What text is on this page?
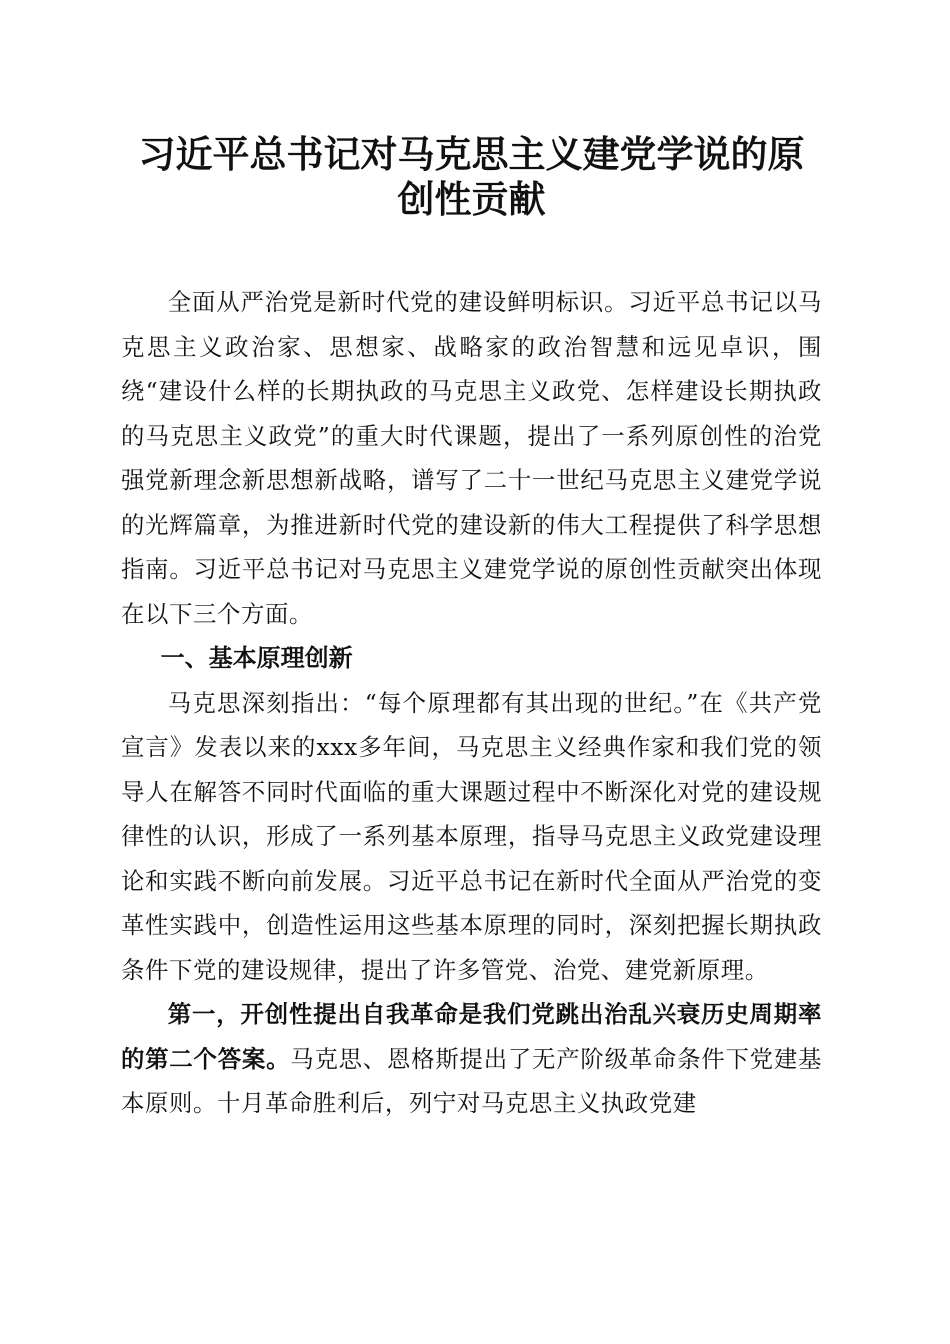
习近平总书记对马克思主义建党学说的原创性贡献

全面从严治党是新时代党的建设鲜明标识。习近平总书记以马克思主义政治家、思想家、战略家的政治智慧和远见卓识，围绕“建设什么样的长期执政的马克思主义政党、怎样建设长期执政的马克思主义政党”的重大时代课题，提出了一系列原创性的治党强党新理念新思想新战略，谱写了二十一世纪马克思主义建党学说的光辉篇章，为推进新时代党的建设新的伟大工程提供了科学思想指南。习近平总书记对马克思主义建党学说的原创性贡献突出体现在以下三个方面。

一、基本原理创新

马克思深刻指出：“每个原理都有其出现的世纪。”在《共产党宣言》发表以来的xxx多年间，马克思主义经典作家和我们党的领导人在解答不同时代面临的重大课题过程中不断深化对党的建设规律性的认识，形成了一系列基本原理，指导马克思主义政党建设理论和实践不断向前发展。习近平总书记在新时代全面从严治党的变革性实践中，创造性运用这些基本原理的同时，深刻把握长期执政条件下党的建设规律，提出了许多管党、治党、建党新原理。

第一，开创性提出自我革命是我们党跳出治乱兴衰历史周期率的第二个答案。马克思、恩格斯提出了无产阶级革命条件下党建基本原则。十月革命胜利后，列宁对马克思主义执政党建
